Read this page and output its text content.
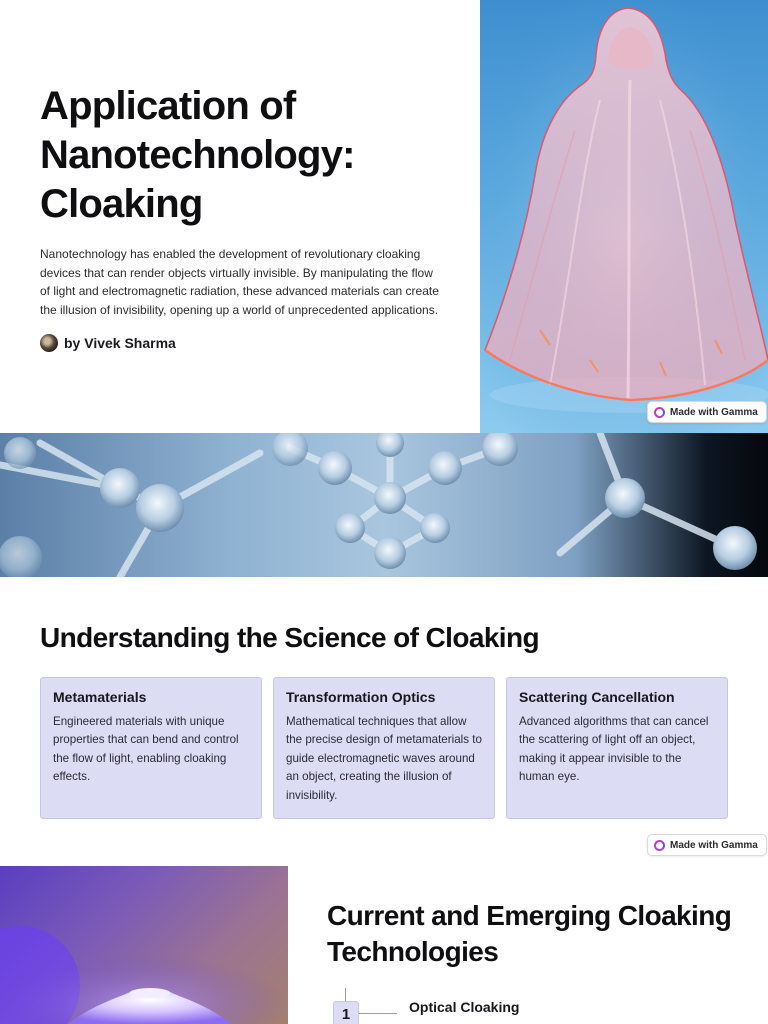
Application of Nanotechnology: Cloaking

Nanotechnology has enabled the development of revolutionary cloaking devices that can render objects virtually invisible. By manipulating the flow of light and electromagnetic radiation, these advanced materials can create the illusion of invisibility, opening up a world of unprecedented applications.

by Vivek Sharma
Made with Gamma
Understanding the Science of Cloaking
Metamaterials
Engineered materials with unique properties that can bend and control the flow of light, enabling cloaking effects.
Transformation Optics
Mathematical techniques that allow the precise design of metamaterials to guide electromagnetic waves around an object, creating the illusion of invisibility.
Scattering Cancellation
Advanced algorithms that can cancel the scattering of light off an object, making it appear invisible to the human eye.
Made with Gamma
Current and Emerging Cloaking Technologies
1	Optical Cloaking
